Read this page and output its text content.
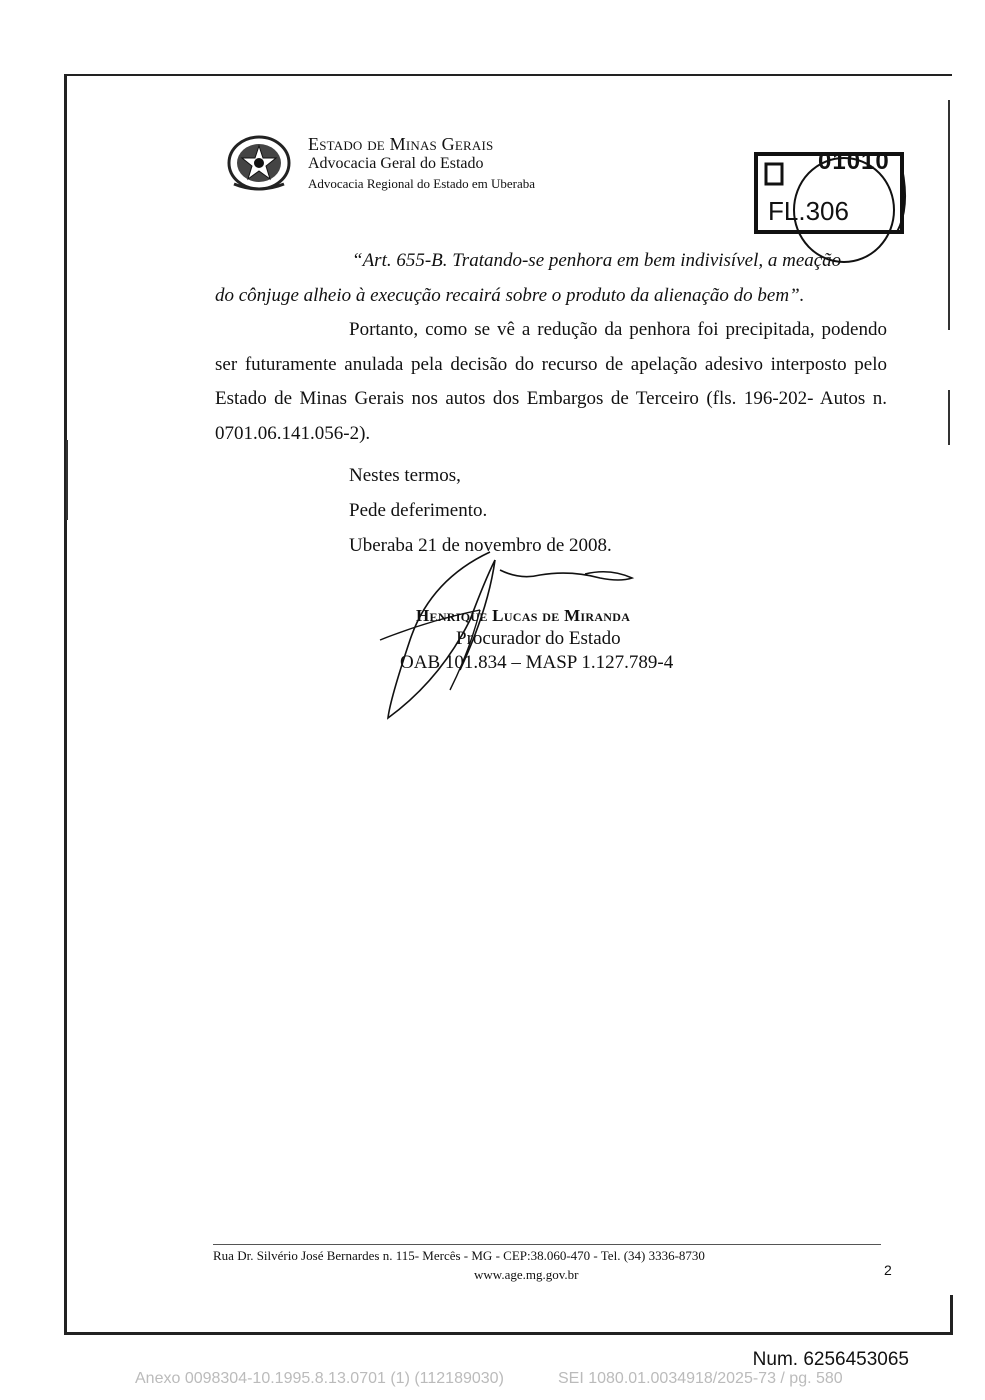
Estado de Minas Gerais
Advocacia Geral do Estado
Advocacia Regional do Estado em Uberaba
01010
FL.306
“Art. 655-B. Tratando-se penhora em bem indivisível, a meação
do cônjuge alheio à execução recairá sobre o produto da alienação do bem”.
Portanto, como se vê a redução da penhora foi precipitada, podendo ser futuramente anulada pela decisão do recurso de apelação adesivo interposto pelo Estado de Minas Gerais nos autos dos Embargos de Terceiro (fls. 196-202- Autos n. 0701.06.141.056-2).
Nestes termos,
Pede deferimento.
Uberaba 21 de novembro de 2008.
Henrique Lucas de Miranda
Procurador do Estado
OAB 101.834 – MASP 1.127.789-4
Rua Dr. Silvério José Bernardes n. 115- Mercês - MG - CEP:38.060-470 - Tel. (34) 3336-8730
www.age.mg.gov.br	2
Num. 6256453065
Anexo 0098304-10.1995.8.13.0701 (1) (112189030)	SEI 1080.01.0034918/2025-73 / pg. 580
